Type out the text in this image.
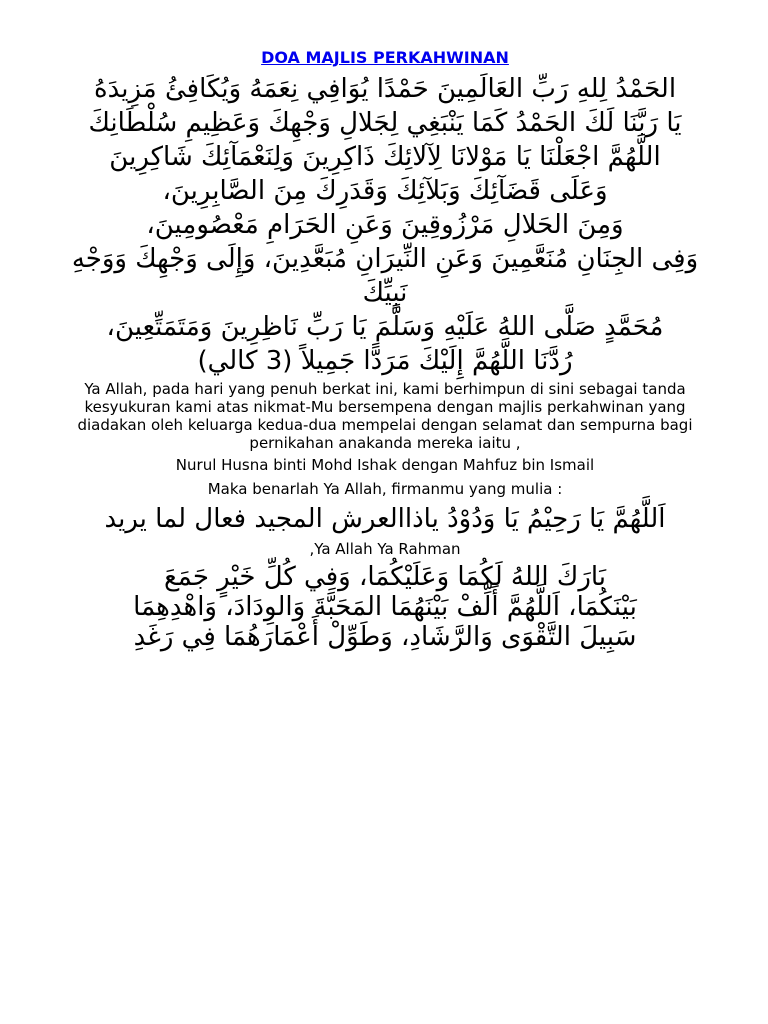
DOA MAJLIS PERKAHWINAN

الحَمْدُ لِلهِ رَبِّ العَالَمِينَ حَمْدًا يُوَافِي نِعَمَهُ وَيُكَافِئُ مَزِيدَهُ

يَا رَبَّنَا لَكَ الحَمْدُ كَمَا يَنْبَغِي لِجَلالِ وَجْهِكَ وَعَظِيمِ سُلْطَانِكَ

اللَّهُمَّ اجْعَلْنَا يَا مَوْلانَا لِآلائِكَ ذَاكِرِينَ وَلِنَعْمَآئِكَ شَاكِرِينَ

وَعَلَى قَضَآئِكَ وَبَلآئِكَ وَقَدَرِكَ مِنَ الصَّابِرِينَ،

وَمِنَ الحَلالِ مَرْزُوقِينَ وَعَنِ الحَرَامِ مَعْصُومِينَ،

وَفِى الجِنَانِ مُنَعَّمِينَ وَعَنِ النِّيرَانِ مُبَعَّدِينَ، وَإِلَى وَجْهِكَ وَوَجْهِ نَبِيِّكَ

مُحَمَّدٍ صَلَّى اللهُ عَلَيْهِ وَسَلَّمَ يَا رَبِّ نَاظِرِينَ وَمَتَمَتِّعِينَ،

رُدَّنَا اللَّهُمَّ إِلَيْكَ مَرَدًّا جَمِيلاً (3 كالي)

Ya Allah, pada hari yang penuh berkat ini, kami berhimpun di sini sebagai tanda kesyukuran kami atas nikmat-Mu bersempena dengan majlis perkahwinan yang diadakan oleh keluarga kedua-dua mempelai dengan selamat dan sempurna bagi pernikahan anakanda mereka iaitu ,

Nurul Husna binti Mohd Ishak dengan Mahfuz bin Ismail

Maka benarlah Ya Allah, firmanmu yang mulia :

اَللَّهُمَّ يَا رَحِيْمُ يَا وَدُوْدُ ياذاالعرش المجيد فعال لما يريد

,Ya Allah Ya Rahman

بَارَكَ اللهُ لَكُمَا وَعَلَيْكُمَا، وَفِي كُلِّ خَيْرٍ جَمَعَ

بَيْنَكُمَا، اَللَّهُمَّ أَلِّفْ بَيْنَهُمَا المَحَبَّةَ وَالوِدَادَ، وَاهْدِهِمَا

سَبِيلَ التَّقْوَى وَالرَّشَادِ، وَطَوِّلْ أَعْمَارَهُمَا فِي رَغَدِ
